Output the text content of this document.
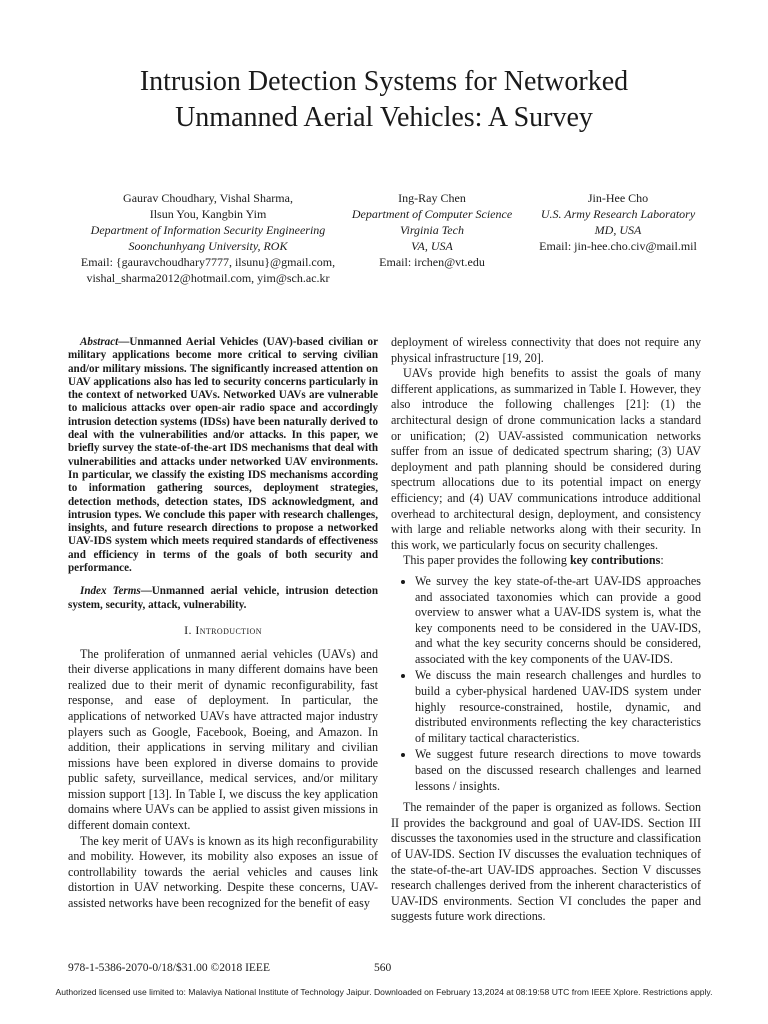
Intrusion Detection Systems for Networked
Unmanned Aerial Vehicles: A Survey
Gaurav Choudhary, Vishal Sharma,
Ilsun You, Kangbin Yim
Department of Information Security Engineering
Soonchunhyang University, ROK
Email: {gauravchoudhary7777, ilsunu}@gmail.com,
vishal_sharma2012@hotmail.com, yim@sch.ac.kr
Ing-Ray Chen
Department of Computer Science
Virginia Tech
VA, USA
Email: irchen@vt.edu
Jin-Hee Cho
U.S. Army Research Laboratory
MD, USA
Email: jin-hee.cho.civ@mail.mil

Abstract—Unmanned Aerial Vehicles (UAV)-based civilian or military applications become more critical to serving civilian and/or military missions. The significantly increased attention on UAV applications also has led to security concerns particularly in the context of networked UAVs. Networked UAVs are vulnerable to malicious attacks over open-air radio space and accordingly intrusion detection systems (IDSs) have been naturally derived to deal with the vulnerabilities and/or attacks. In this paper, we briefly survey the state-of-the-art IDS mechanisms that deal with vulnerabilities and attacks under networked UAV environments. In particular, we classify the existing IDS mechanisms according to information gathering sources, deployment strategies, detection methods, detection states, IDS acknowledgment, and intrusion types. We conclude this paper with research challenges, insights, and future research directions to propose a networked UAV-IDS system which meets required standards of effectiveness and efficiency in terms of the goals of both security and performance.

Index Terms—Unmanned aerial vehicle, intrusion detection system, security, attack, vulnerability.

I. Introduction

The proliferation of unmanned aerial vehicles (UAVs) and their diverse applications in many different domains have been realized due to their merit of dynamic reconfigurability, fast response, and ease of deployment. In particular, the applications of networked UAVs have attracted major industry players such as Google, Facebook, Boeing, and Amazon. In addition, their applications in serving military and civilian missions have been explored in diverse domains to provide public safety, surveillance, medical services, and/or military mission support [13]. In Table I, we discuss the key application domains where UAVs can be applied to assist given missions in different domain context.

The key merit of UAVs is known as its high reconfigurability and mobility. However, its mobility also exposes an issue of controllability towards the aerial vehicles and causes link distortion in UAV networking. Despite these concerns, UAV-assisted networks have been recognized for the benefit of easy

deployment of wireless connectivity that does not require any physical infrastructure [19, 20].

UAVs provide high benefits to assist the goals of many different applications, as summarized in Table I. However, they also introduce the following challenges [21]: (1) the architectural design of drone communication lacks a standard or unification; (2) UAV-assisted communication networks suffer from an issue of dedicated spectrum sharing; (3) UAV deployment and path planning should be considered during spectrum allocations due to its potential impact on energy efficiency; and (4) UAV communications introduce additional overhead to architectural design, deployment, and consistency with large and reliable networks along with their security. In this work, we particularly focus on security challenges.

This paper provides the following key contributions:

• We survey the key state-of-the-art UAV-IDS approaches and associated taxonomies which can provide a good overview to answer what a UAV-IDS system is, what the key components need to be considered in the UAV-IDS, and what the key security concerns should be considered, associated with the key components of the UAV-IDS.
• We discuss the main research challenges and hurdles to build a cyber-physical hardened UAV-IDS system under highly resource-constrained, hostile, dynamic, and distributed environments reflecting the key characteristics of military tactical characteristics.
• We suggest future research directions to move towards based on the discussed research challenges and learned lessons / insights.

The remainder of the paper is organized as follows. Section II provides the background and goal of UAV-IDS. Section III discusses the taxonomies used in the structure and classification of UAV-IDS. Section IV discusses the evaluation techniques of the state-of-the-art UAV-IDS approaches. Section V discusses research challenges derived from the inherent characteristics of UAV-IDS environments. Section VI concludes the paper and suggests future work directions.

978-1-5386-2070-0/18/$31.00 ©2018 IEEE	560
Authorized licensed use limited to: Malaviya National Institute of Technology Jaipur. Downloaded on February 13,2024 at 08:19:58 UTC from IEEE Xplore. Restrictions apply.
